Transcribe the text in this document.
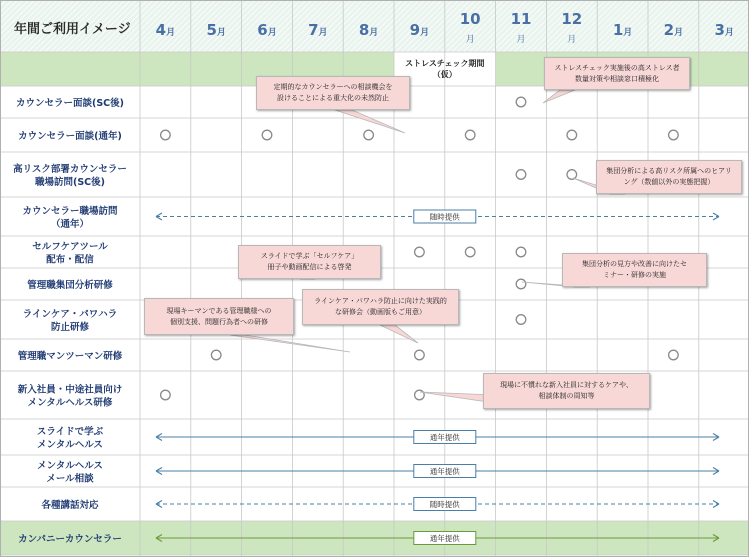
年間ご利用イメージ 4月 5月 6月 7月 8月 9月
10
月
11
月
12
月
1月 2月 3月
ストレスチェック期間
（仮）
カウンセラー面談(SC後)
カウンセラー面談(通年)
高リスク部署カウンセラー
職場訪問(SC後)
カウンセラー職場訪問
（通年）
セルフケアツール
配布・配信
管理職集団分析研修
ラインケア・パワハラ
防止研修
管理職マンツーマン研修
新入社員・中途社員向け
メンタルヘルス研修
スライドで学ぶ
メンタルヘルス
メンタルヘルス
メール相談
各種講話対応
カンパニーカウンセラー
随時提供
通年提供
通年提供
随時提供
通年提供
定期的なカウンセラーへの相談機会を
設けることによる重大化の未然防止
ストレスチェック実施後の高ストレス者
数量対策や相談窓口積極化
集団分析による高リスク所属へのヒアリ
ング（数値以外の実態把握）
スライドで学ぶ「セルフケア」
冊子や動画配信による啓発	集団分析の見方や改善に向けたセ
ミナー・研修の実施
ラインケア・パワハラ防止に向けた実践的
な研修会（動画版もご用意）
現場キーマンである管理職様への
個別支援、問題行為者への研修
現場に不慣れな新入社員に対するケアや、
相談体制の周知等
